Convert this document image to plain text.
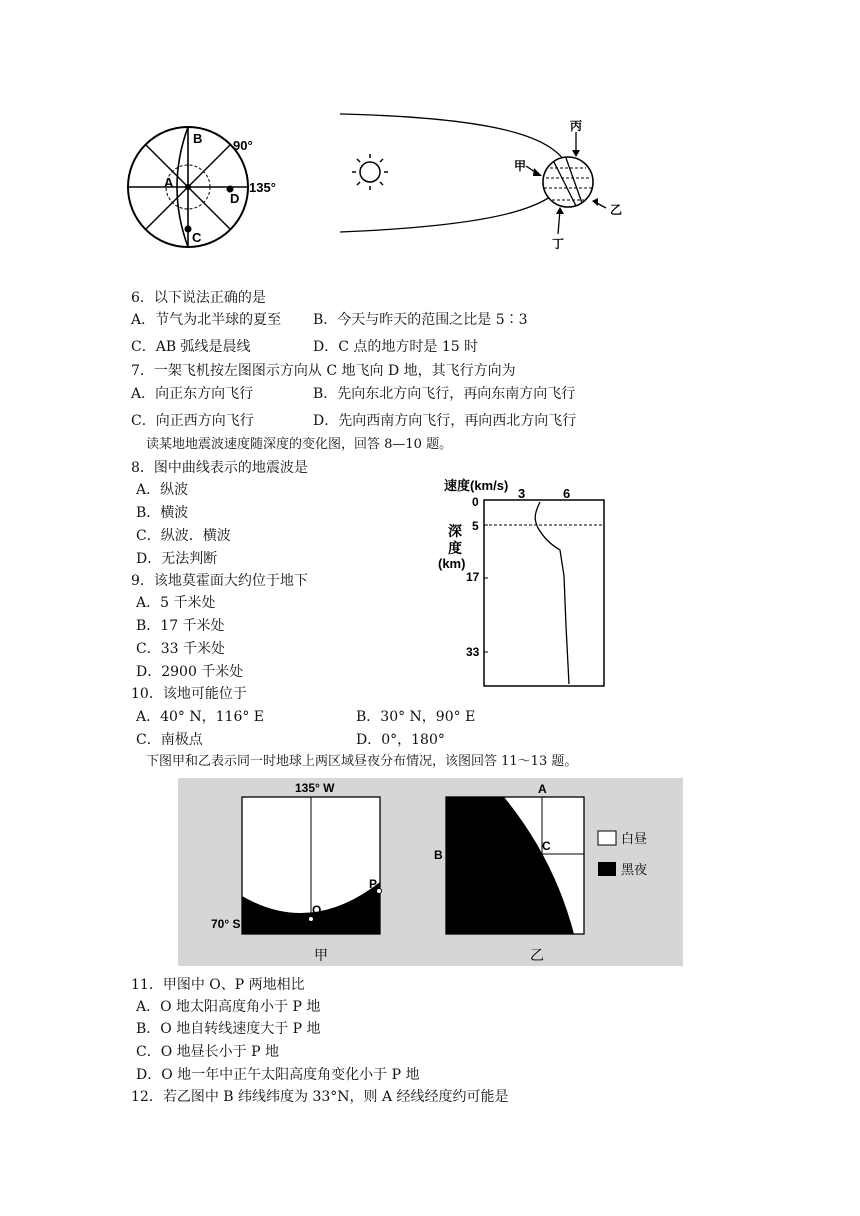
B
A
D
C
90°
135°
丙
甲
乙
丁
6．以下说法正确的是
A．节气为北半球的夏至 B．今天与昨天的范围之比是 5∶3
C．AB 弧线是晨线	D．C 点的地方时是 15 时
7．一架飞机按左图图示方向从 C 地飞向 D 地，其飞行方向为
A．向正东方向飞行	B．先向东北方向飞行，再向东南方向飞行
C．向正西方向飞行	D．先向西南方向飞行，再向西北方向飞行
读某地地震波速度随深度的变化图，回答 8—10 题。
8．图中曲线表示的地震波是
A．纵波
B．横波
C．纵波．横波
D．无法判断
9．该地莫霍面大约位于地下
A．5 千米处
B．17 千米处
C．33 千米处
D．2900 千米处
10．该地可能位于
A．40° N，116° E	B．30° N，90° E
C．南极点	D．0°，180°
速度(km/s)
3	6
0
5
17
33
深
度
(km)
下图甲和乙表示同一时地球上两区域昼夜分布情况，该图回答 11～13 题。
135° W
70° S
O
P
甲
A
B
C
乙
白昼
黑夜
11．甲图中 O、P 两地相比
A．O 地太阳高度角小于 P 地
B．O 地自转线速度大于 P 地
C．O 地昼长小于 P 地
D．O 地一年中正午太阳高度角变化小于 P 地
12．若乙图中 B 纬线纬度为 33°N，则 A 经线经度约可能是
